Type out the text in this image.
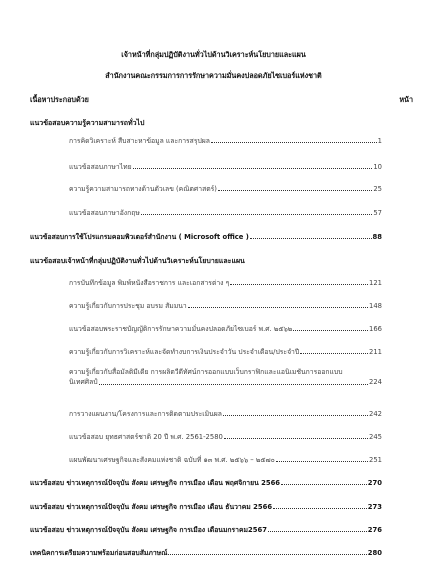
เจ้าหน้าที่กลุ่มปฏิบัติงานทั่วไปด้านวิเคราะห์นโยบายและแผน
สำนักงานคณะกรรมการการรักษาความมั่นคงปลอดภัยไซเบอร์แห่งชาติ
เนื้อหาประกอบด้วย	หน้า
แนวข้อสอบความรู้ความสามารถทั่วไป
การคิดวิเคราะห์ สืบสาะหาข้อมูล และการสรุปผล	1
แนวข้อสอบภาษาไทย	10
ความรู้ความสามารถทางด้านตัวเลข (คณิตศาสตร์)	25
แนวข้อสอบภาษาอังกฤษ	57
แนวข้อสอบการใช้โปรแกรมคอมพิวเตอร์สำนักงาน ( Microsoft office )	88
แนวข้อสอบเจ้าหน้าที่กลุ่มปฏิบัติงานทั่วไปด้านวิเคราะห์นโยบายและแผน
การบันทึกข้อมูล พิมพ์หนังสือราชการ และเอกสารต่าง ๆ	121
ความรู้เกี่ยวกับการประชุม อบรม สัมมนา	148
แนวข้อสอบพระราชบัญญัติการรักษาความมั่นคงปลอดภัยไซเบอร์ พ.ศ. ๒๕๖๒	166
ความรู้เกี่ยวกับการวิเคราะห์และจัดทำงบการเงินประจำวัน ประจำเดือน/ประจำปี	211
ความรู้เกี่ยวกับสื่อมัลติมีเดีย การผลิตวีดีทัศน์การออกแบบเว็บกราฟิกและแอนิเมชันการออกแบบ
นิเทศศิลป์	224
การวางแผนงาน/โครงการและการติดตามประเมินผล	242
แนวข้อสอบ ยุทธศาสตร์ชาติ 20 ปี พ.ศ. 2561-2580	245
แผนพัฒนาเศรษฐกิจและสังคมแห่งชาติ ฉบับที่ ๑๓ พ.ศ. ๒๕๖๖ – ๒๕๗๐	251
แนวข้อสอบ ข่าวเหตุการณ์ปัจจุบัน สังคม เศรษฐกิจ การเมือง เดือน พฤศจิกายน 2566	270
แนวข้อสอบ ข่าวเหตุการณ์ปัจจุบัน สังคม เศรษฐกิจ การเมือง เดือน ธันวาคม 2566	273
แนวข้อสอบ ข่าวเหตุการณ์ปัจจุบัน สังคม เศรษฐกิจ การเมือง เดือนมกราคม2567	276
เทคนิคการเตรียมความพร้อมก่อนสอบสัมภาษณ์	280
